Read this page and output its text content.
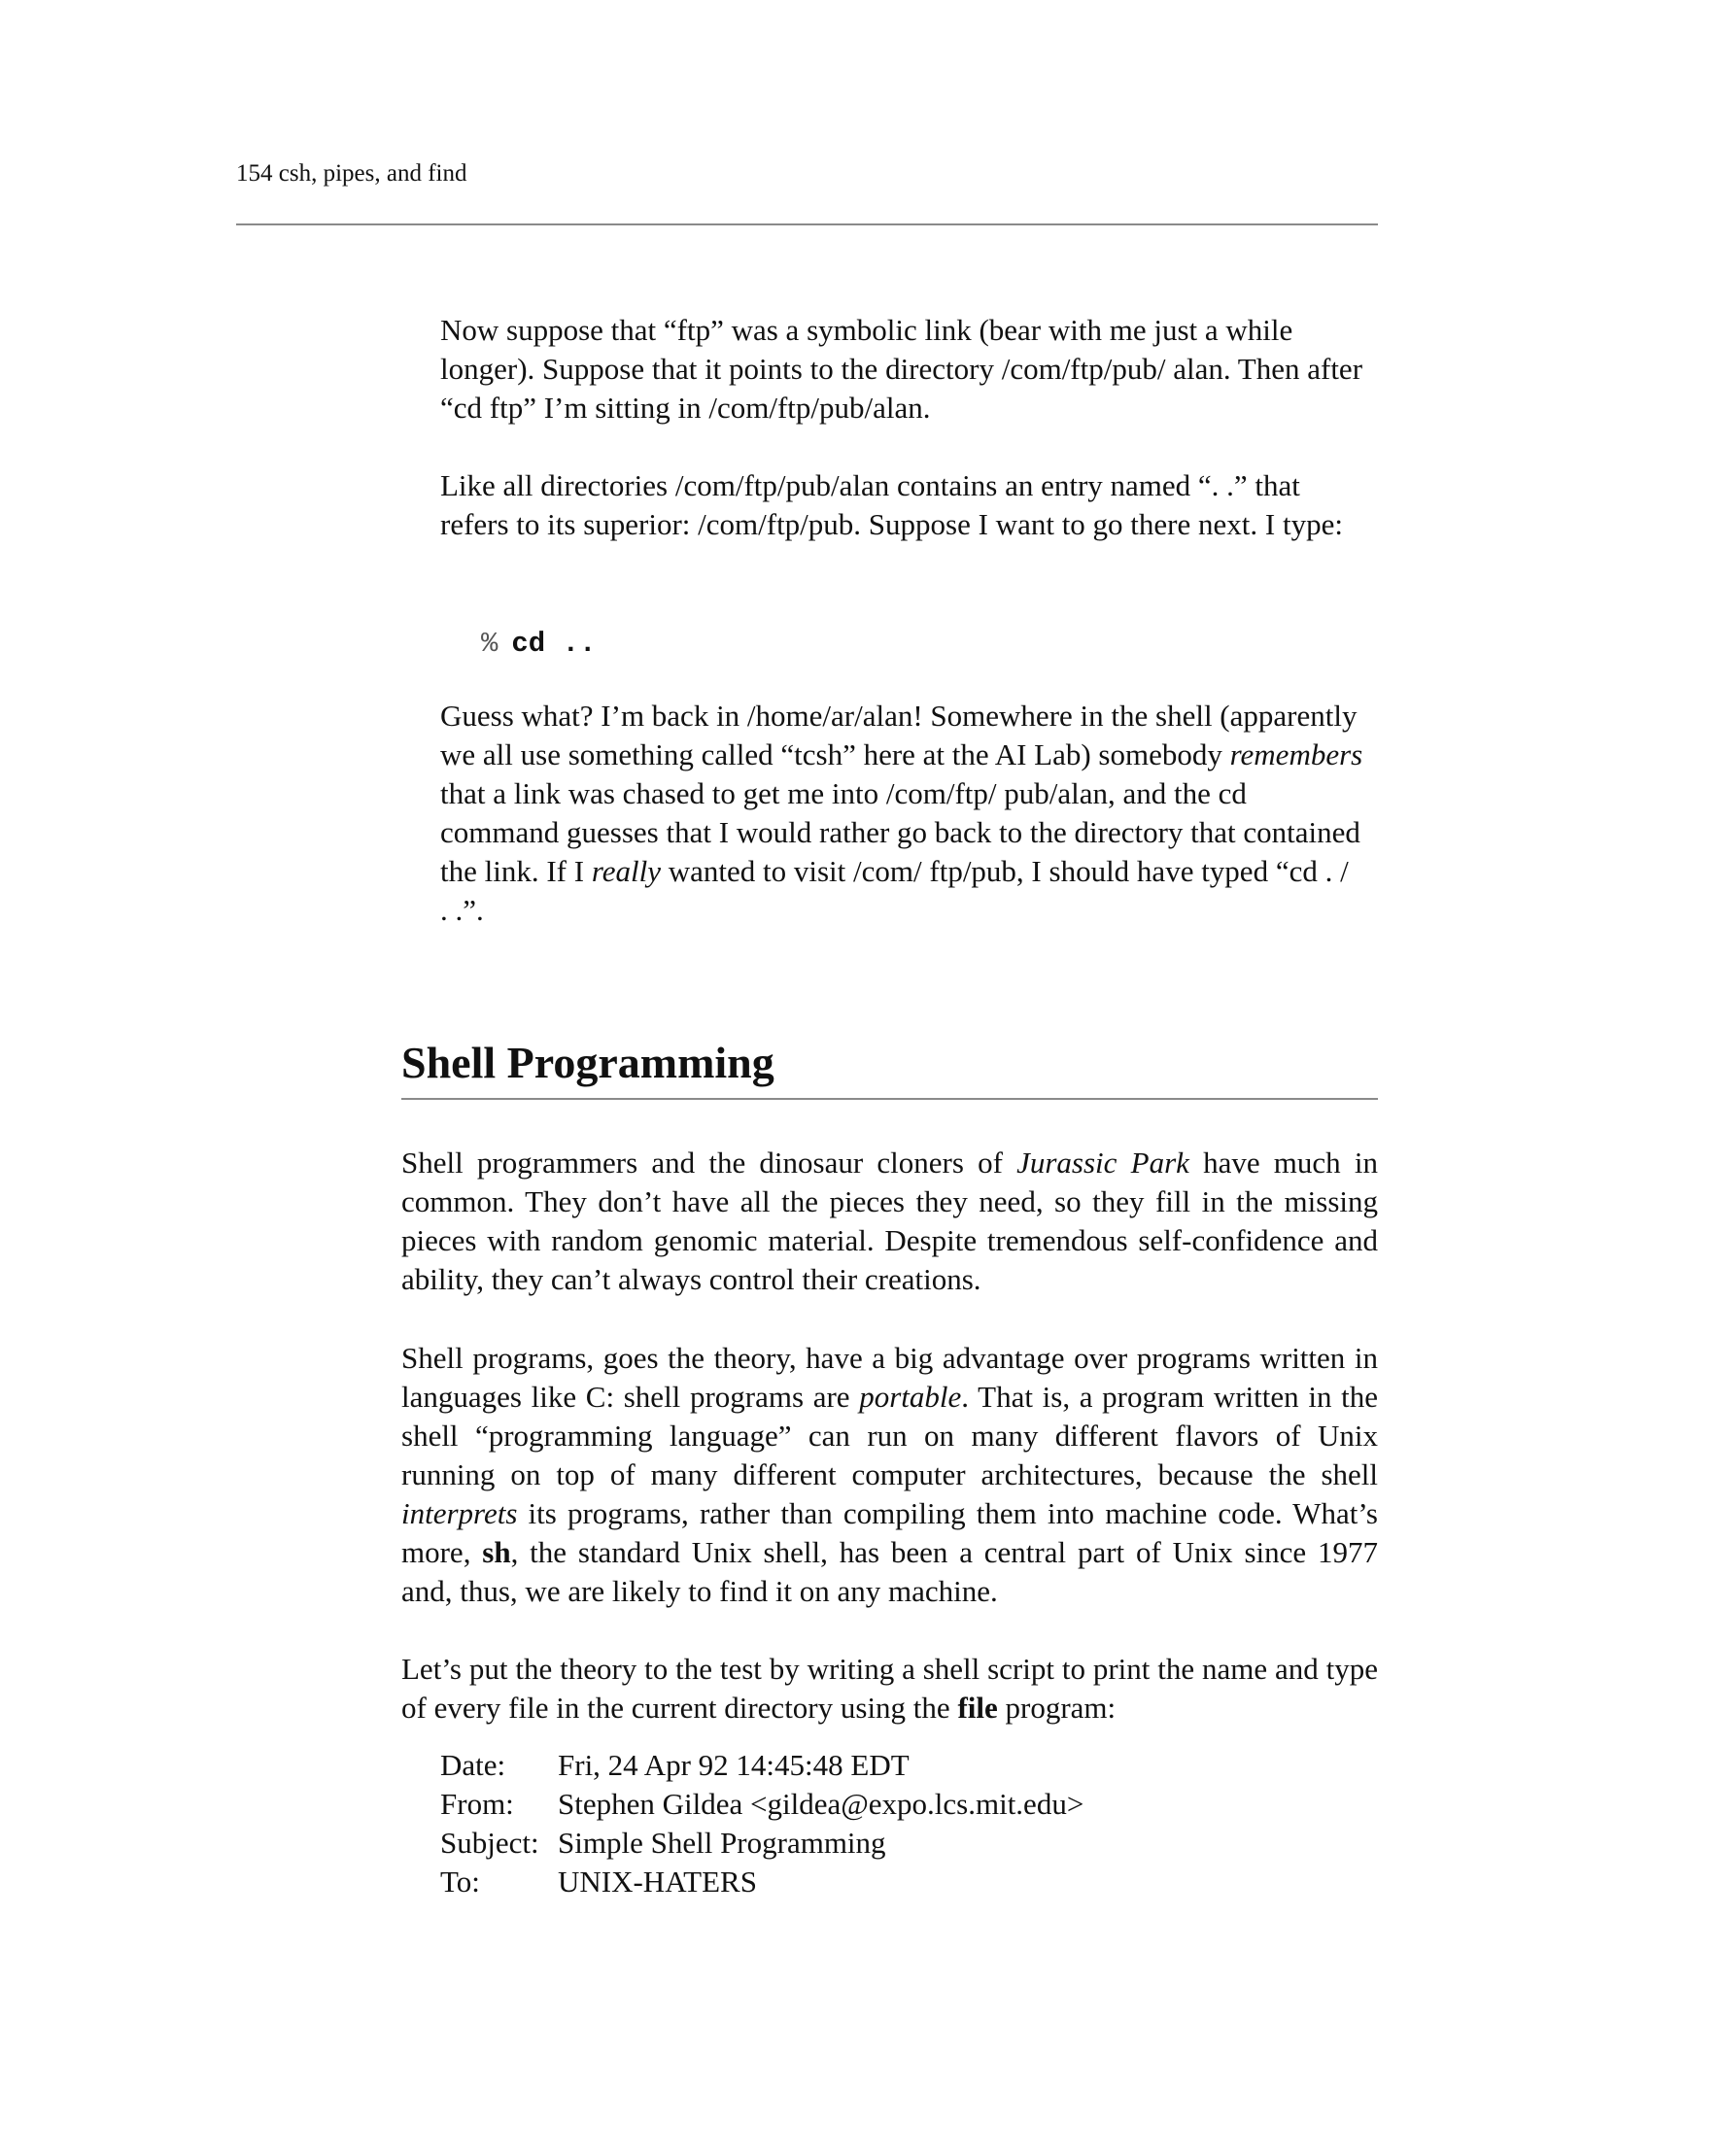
154 csh, pipes, and find

Now suppose that “ftp” was a symbolic link (bear with me just a while longer). Suppose that it points to the directory /com/ftp/pub/ alan. Then after “cd ftp” I’m sitting in /com/ftp/pub/alan.

Like all directories /com/ftp/pub/alan contains an entry named “. .” that refers to its superior: /com/ftp/pub. Suppose I want to go there next. I type:

% cd ..

Guess what? I’m back in /home/ar/alan! Somewhere in the shell (apparently we all use something called “tcsh” here at the AI Lab) somebody remembers that a link was chased to get me into /com/ftp/ pub/alan, and the cd command guesses that I would rather go back to the directory that contained the link. If I really wanted to visit /com/ ftp/pub, I should have typed “cd . / . .”.

Shell Programming

Shell programmers and the dinosaur cloners of Jurassic Park have much in common. They don’t have all the pieces they need, so they fill in the missing pieces with random genomic material. Despite tremendous self-confidence and ability, they can’t always control their creations.

Shell programs, goes the theory, have a big advantage over programs written in languages like C: shell programs are portable. That is, a program written in the shell “programming language” can run on many different flavors of Unix running on top of many different computer architectures, because the shell interprets its programs, rather than compiling them into machine code. What’s more, sh, the standard Unix shell, has been a central part of Unix since 1977 and, thus, we are likely to find it on any machine.

Let’s put the theory to the test by writing a shell script to print the name and type of every file in the current directory using the file program:

Date:	Fri, 24 Apr 92 14:45:48 EDT
From:	Stephen Gildea <gildea@expo.lcs.mit.edu>
Subject:	Simple Shell Programming
To:	UNIX-HATERS
